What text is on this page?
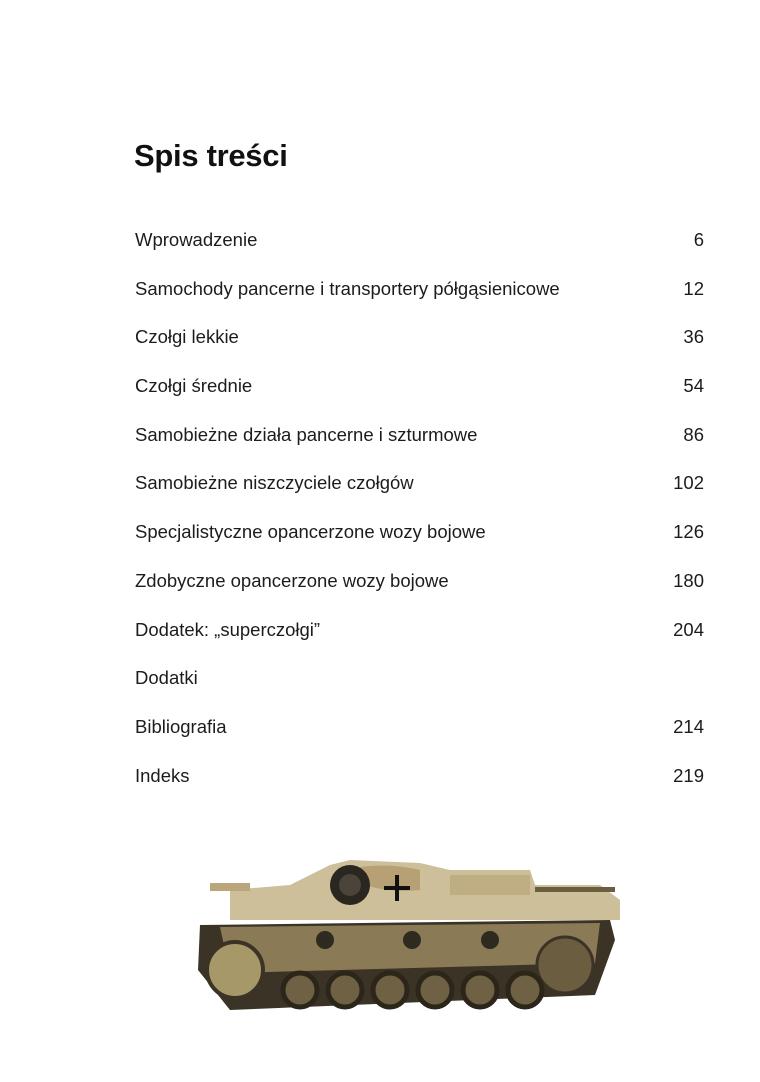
Spis treści
Wprowadzenie	6
Samochody pancerne i transportery półgąsienicowe	12
Czołgi lekkie	36
Czołgi średnie	54
Samobieżne działa pancerne i szturmowe	86
Samobieżne niszczyciele czołgów	102
Specjalistyczne opancerzone wozy bojowe	126
Zdobyczne opancerzone wozy bojowe	180
Dodatek: „superczołgi”	204
Dodatki
Bibliografia	214
Indeks	219
